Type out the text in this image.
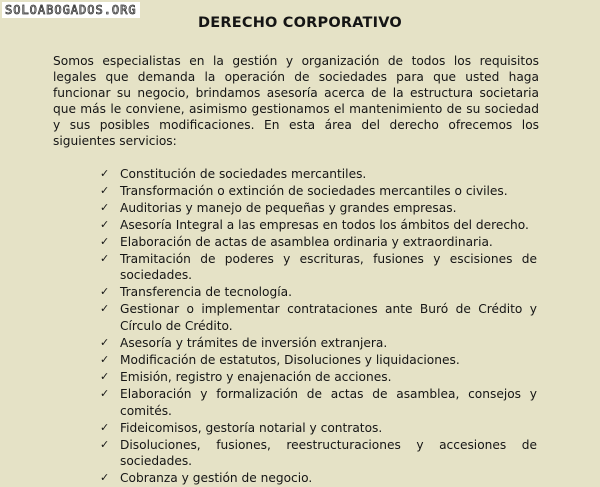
SOLOABOGADOS.ORG
DERECHO CORPORATIVO

Somos especialistas en la gestión y organización de todos los requisitos legales que demanda la operación de sociedades para que usted haga funcionar su negocio, brindamos asesoría acerca de la estructura societaria que más le conviene, asimismo gestionamos el mantenimiento de su sociedad y sus posibles modificaciones. En esta área del derecho ofrecemos los siguientes servicios:

✓ Constitución de sociedades mercantiles.
✓ Transformación o extinción de sociedades mercantiles o civiles.
✓ Auditorias y manejo de pequeñas y grandes empresas.
✓ Asesoría Integral a las empresas en todos los ámbitos del derecho.
✓ Elaboración de actas de asamblea ordinaria y extraordinaria.
✓ Tramitación de poderes y escrituras, fusiones y escisiones de sociedades.
✓ Transferencia de tecnología.
✓ Gestionar o implementar contrataciones ante Buró de Crédito y Círculo de Crédito.
✓ Asesoría y trámites de inversión extranjera.
✓ Modificación de estatutos, Disoluciones y liquidaciones.
✓ Emisión, registro y enajenación de acciones.
✓ Elaboración y formalización de actas de asamblea, consejos y comités.
✓ Fideicomisos, gestoría notarial y contratos.
✓ Disoluciones, fusiones, reestructuraciones y accesiones de sociedades.
✓ Cobranza y gestión de negocio.
